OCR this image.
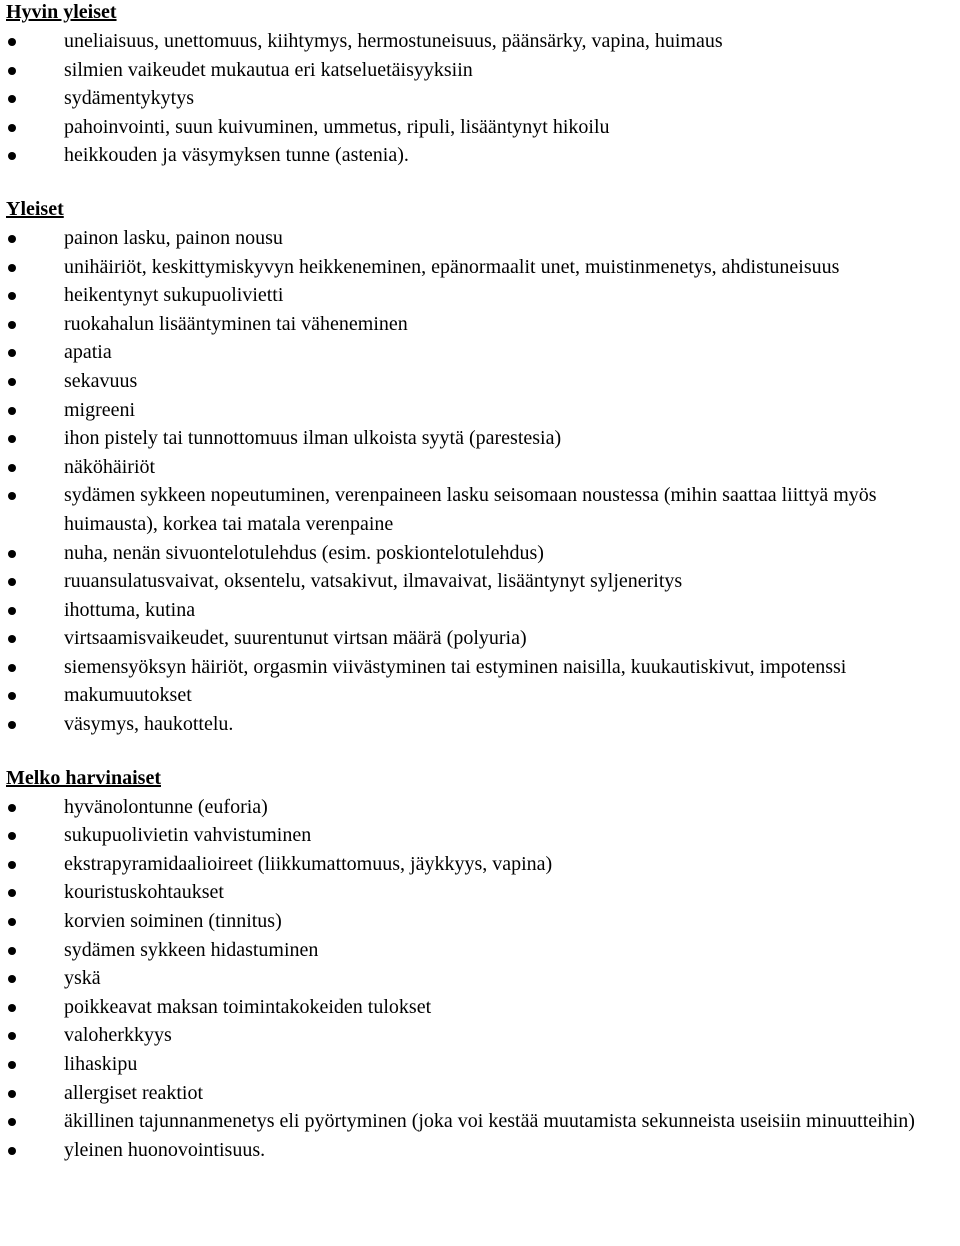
Hyvin yleiset
uneliaisuus, unettomuus, kiihtymys, hermostuneisuus, päänsärky, vapina, huimaus
silmien vaikeudet mukautua eri katseluetäisyyksiin
sydämentykytys
pahoinvointi, suun kuivuminen, ummetus, ripuli, lisääntynyt hikoilu
heikkouden ja väsymyksen tunne (astenia).
Yleiset
painon lasku, painon nousu
unihäiriöt, keskittymiskyvyn heikkeneminen, epänormaalit unet, muistinmenetys, ahdistuneisuus
heikentynyt sukupuolivietti
ruokahalun lisääntyminen tai väheneminen
apatia
sekavuus
migreeni
ihon pistely tai tunnottomuus ilman ulkoista syytä (parestesia)
näköhäiriöt
sydämen sykkeen nopeutuminen, verenpaineen lasku seisomaan noustessa (mihin saattaa liittyä myös huimausta), korkea tai matala verenpaine
nuha, nenän sivuontelotulehdus (esim. poskiontelotulehdus)
ruuansulatusvaivat, oksentelu, vatsakivut, ilmavaivat, lisääntynyt syljeneritys
ihottuma, kutina
virtsaamisvaikeudet, suurentunut virtsan määrä (polyuria)
siemensyöksyn häiriöt, orgasmin viivästyminen tai estyminen naisilla, kuukautiskivut, impotenssi
makumuutokset
väsymys, haukottelu.
Melko harvinaiset
hyvänolontunne (euforia)
sukupuolivietin vahvistuminen
ekstrapyramidaalioireet (liikkumattomuus, jäykkyys, vapina)
kouristuskohtaukset
korvien soiminen (tinnitus)
sydämen sykkeen hidastuminen
yskä
poikkeavat maksan toimintakokeiden tulokset
valoherkkyys
lihaskipu
allergiset reaktiot
äkillinen tajunnanmenetys eli pyörtyminen (joka voi kestää muutamista sekunneista useisiin minuutteihin)
yleinen huonovointisuus.
